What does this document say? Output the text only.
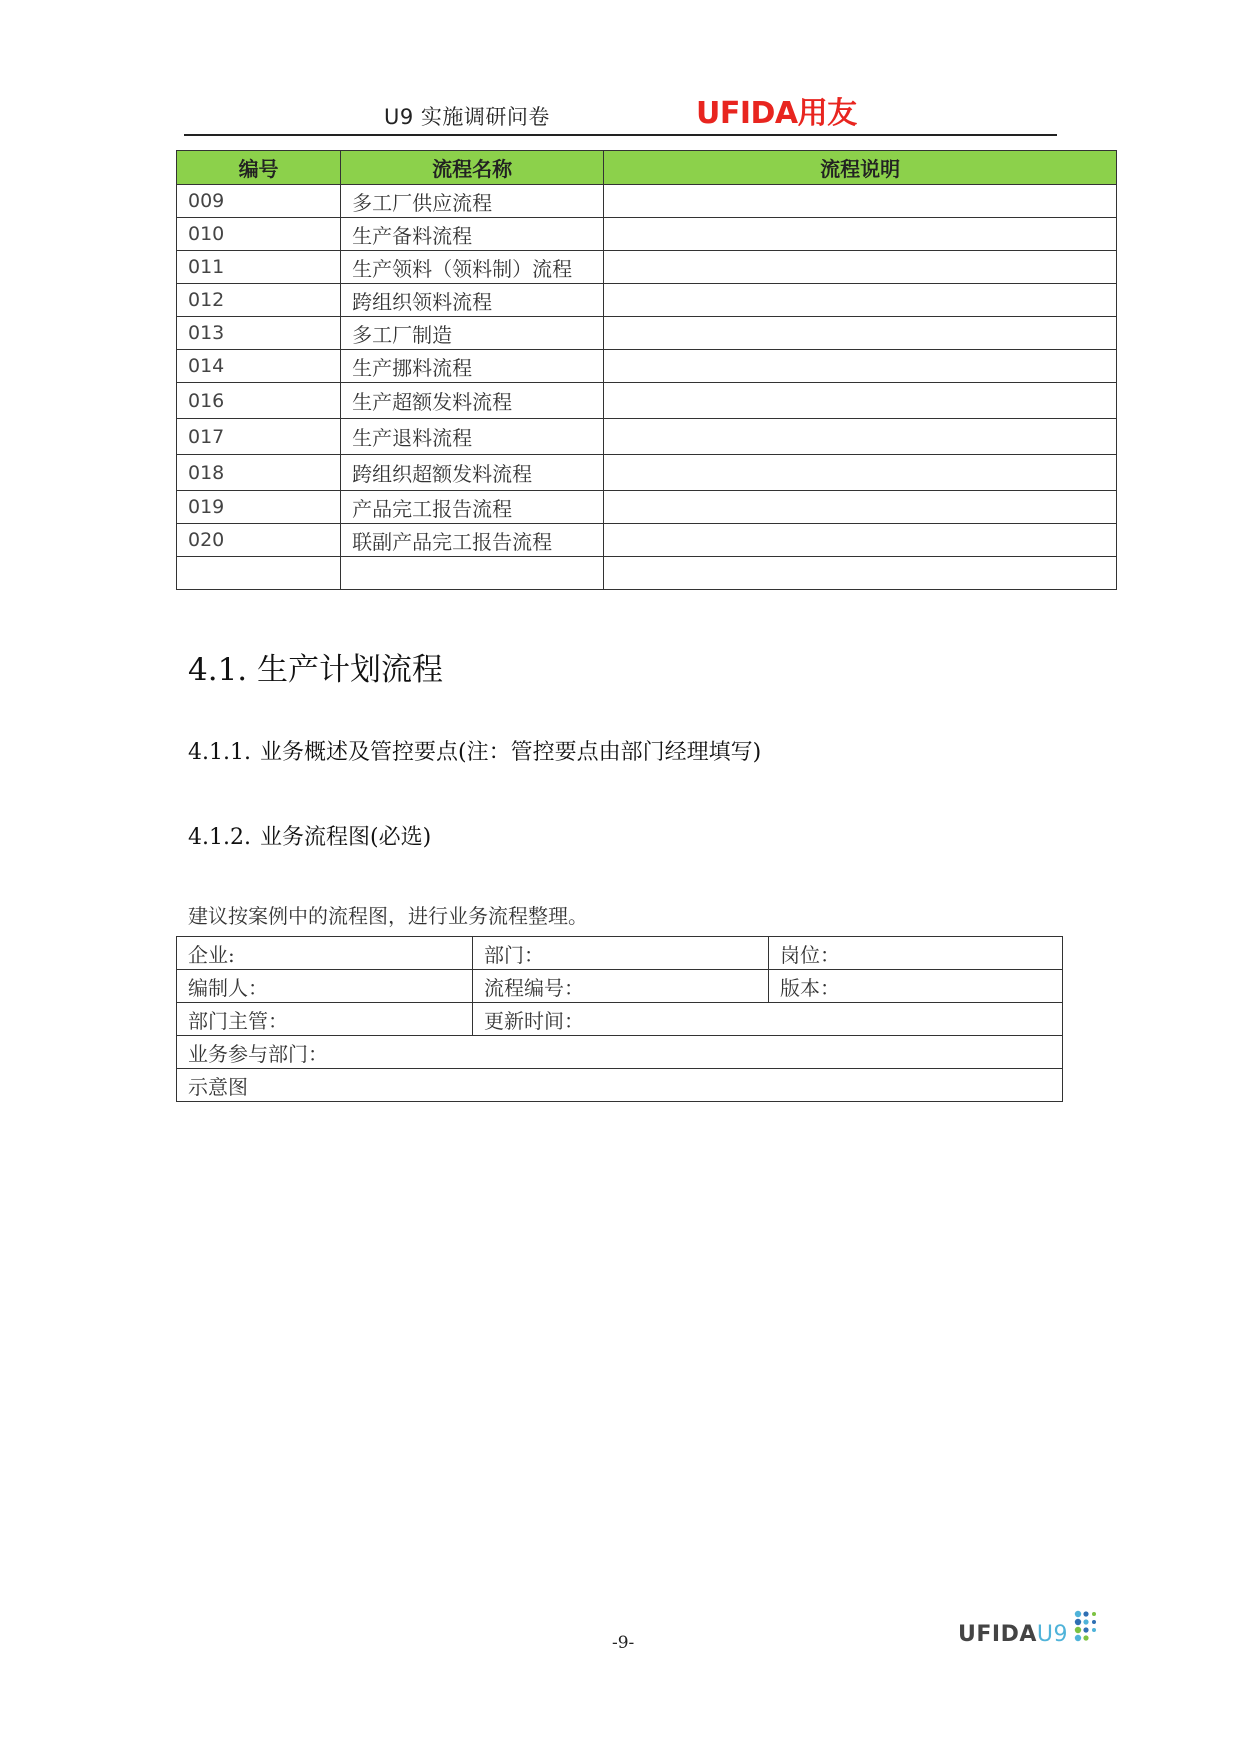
U9 实施调研问卷	UFIDA用友
编号	流程名称	流程说明
009	多工厂供应流程	
010	生产备料流程	
011	生产领料（领料制）流程	
012	跨组织领料流程	
013	多工厂制造	
014	生产挪料流程	
016	生产超额发料流程	
017	生产退料流程	
018	跨组织超额发料流程	
019	产品完工报告流程	
020	联副产品完工报告流程	

4.1. 生产计划流程
4.1.1. 业务概述及管控要点(注：管控要点由部门经理填写)
4.1.2. 业务流程图(必选)
建议按案例中的流程图，进行业务流程整理。
企业:	部门：	岗位：
编制人：	流程编号：	版本：
部门主管：	更新时间：	
业务参与部门：		
示意图		
-9-	UFIDAU9
